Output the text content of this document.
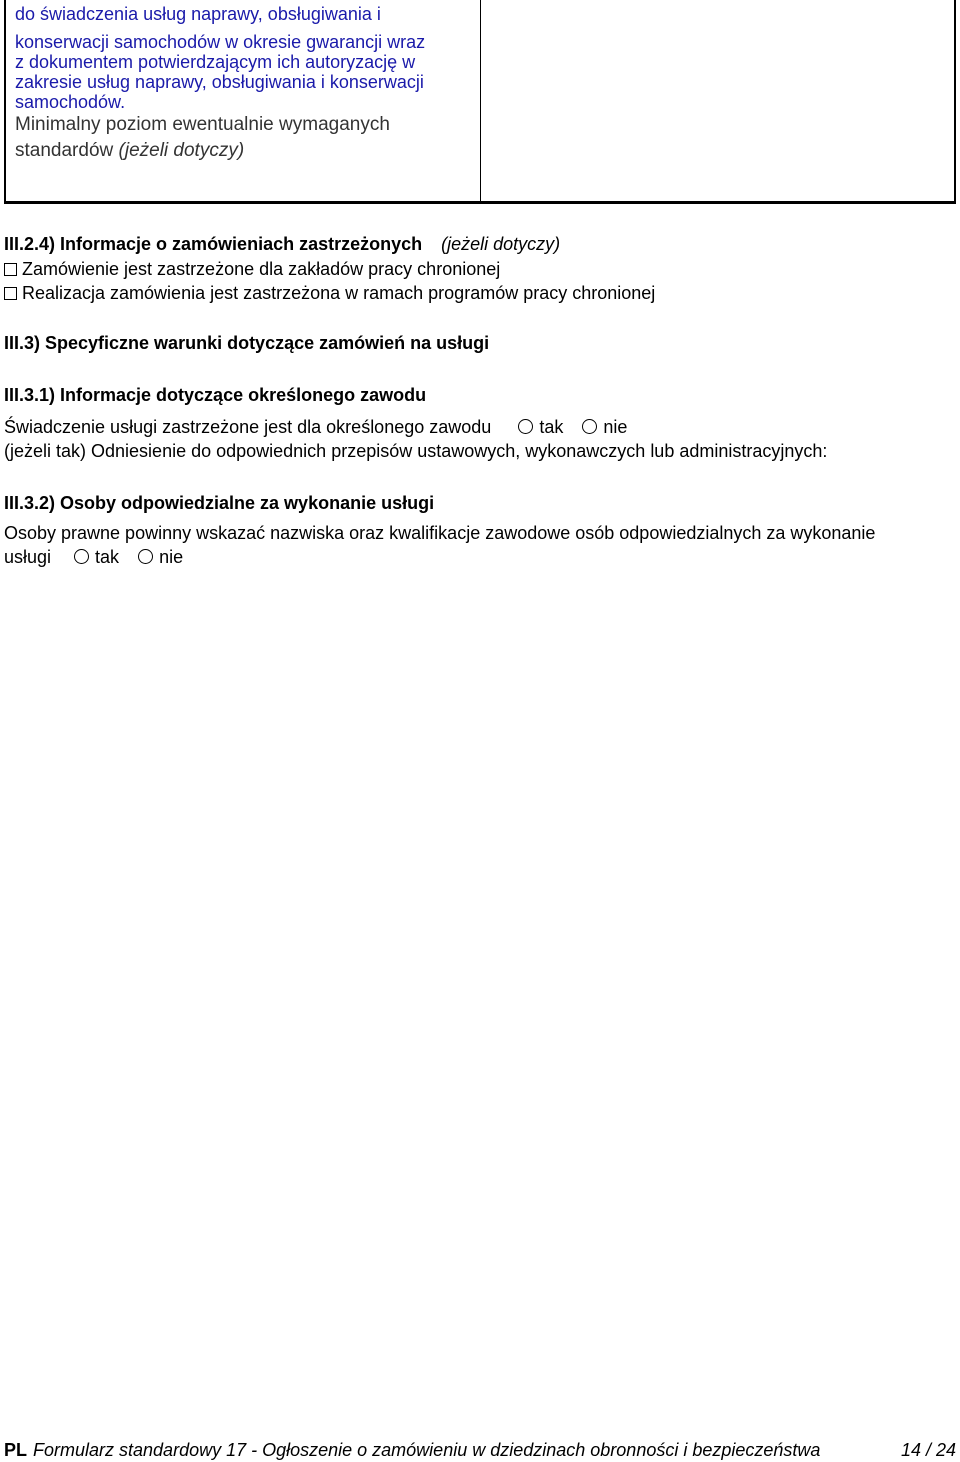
do świadczenia usług naprawy, obsługiwania i
konserwacji samochodów w okresie gwarancji wraz
z dokumentem potwierdzającym ich autoryzację w
zakresie usług naprawy, obsługiwania i konserwacji
samochodów.
Minimalny poziom ewentualnie wymaganych
standardów (jeżeli dotyczy)
III.2.4) Informacje o zamówieniach zastrzeżonych (jeżeli dotyczy)
Zamówienie jest zastrzeżone dla zakładów pracy chronionej
Realizacja zamówienia jest zastrzeżona w ramach programów pracy chronionej
III.3) Specyficzne warunki dotyczące zamówień na usługi
III.3.1) Informacje dotyczące określonego zawodu
Świadczenie usługi zastrzeżone jest dla określonego zawodu	tak nie
(jeżeli tak) Odniesienie do odpowiednich przepisów ustawowych, wykonawczych lub administracyjnych:
III.3.2) Osoby odpowiedzialne za wykonanie usługi
Osoby prawne powinny wskazać nazwiska oraz kwalifikacje zawodowe osób odpowiedzialnych za wykonanie
usługi tak nie
PL Formularz standardowy 17 - Ogłoszenie o zamówieniu w dziedzinach obronności i bezpieczeństwa	14 / 24
